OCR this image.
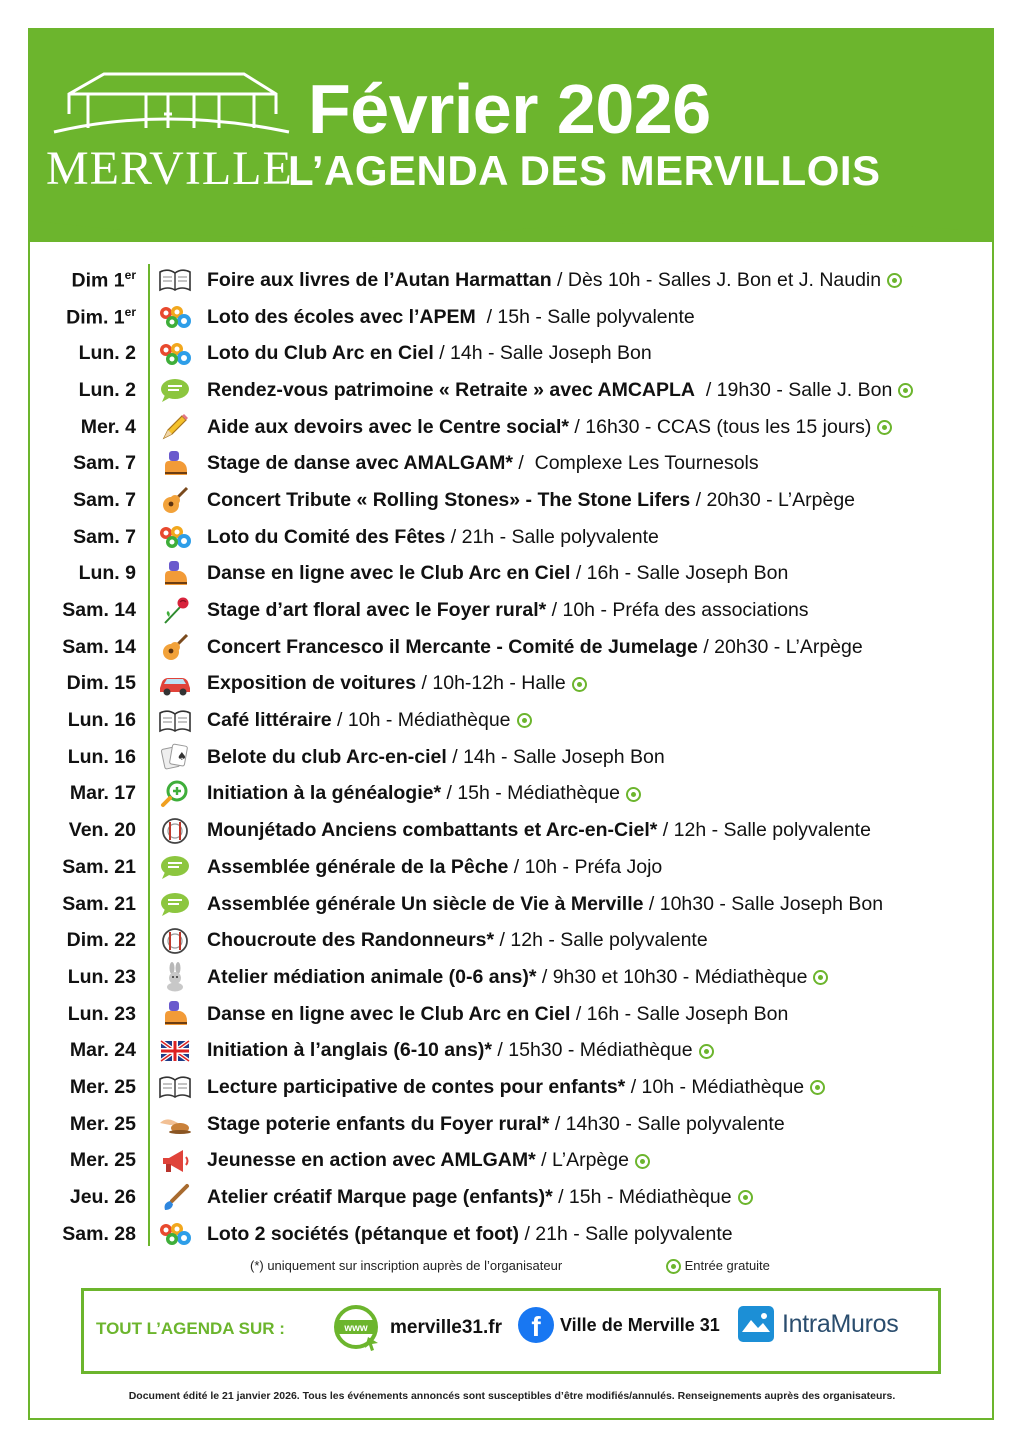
MERVILLE
Février 2026
L’AGENDA DES MERVILLOIS
Dim 1er	Foire aux livres de l’Autan Harmattan / Dès 10h - Salles J. Bon et J. Naudin
Dim. 1er	Loto des écoles avec l’APEM  / 15h - Salle polyvalente
Lun. 2	Loto du Club Arc en Ciel / 14h - Salle Joseph Bon
Lun. 2	Rendez-vous patrimoine « Retraite » avec AMCAPLA  / 19h30 - Salle J. Bon
Mer. 4	Aide aux devoirs avec le Centre social* / 16h30 - CCAS (tous les 15 jours)
Sam. 7	Stage de danse avec AMALGAM* /  Complexe Les Tournesols
Sam. 7	Concert Tribute « Rolling Stones» - The Stone Lifers / 20h30 - L’Arpège
Sam. 7	Loto du Comité des Fêtes / 21h - Salle polyvalente
Lun. 9	Danse en ligne avec le Club Arc en Ciel / 16h - Salle Joseph Bon
Sam. 14	Stage d’art floral avec le Foyer rural* / 10h - Préfa des associations
Sam. 14	Concert Francesco il Mercante - Comité de Jumelage / 20h30 - L’Arpège
Dim. 15	Exposition de voitures / 10h-12h - Halle
Lun. 16	Café littéraire / 10h - Médiathèque
Lun. 16	♠ Belote du club Arc-en-ciel / 14h - Salle Joseph Bon
Mar. 17	Initiation à la généalogie* / 15h - Médiathèque
Ven. 20	Mounjétado Anciens combattants et Arc-en-Ciel* / 12h - Salle polyvalente
Sam. 21	Assemblée générale de la Pêche / 10h - Préfa Jojo
Sam. 21	Assemblée générale Un siècle de Vie à Merville / 10h30 - Salle Joseph Bon
Dim. 22	Choucroute des Randonneurs* / 12h - Salle polyvalente
Lun. 23	Atelier médiation animale (0-6 ans)* / 9h30 et 10h30 - Médiathèque
Lun. 23	Danse en ligne avec le Club Arc en Ciel / 16h - Salle Joseph Bon
Mar. 24	Initiation à l’anglais (6-10 ans)* / 15h30 - Médiathèque
Mer. 25	Lecture participative de contes pour enfants* / 10h - Médiathèque
Mer. 25	Stage poterie enfants du Foyer rural* / 14h30 - Salle polyvalente
Mer. 25	Jeunesse en action avec AMLGAM* / L’Arpège
Jeu. 26	Atelier créatif Marque page (enfants)* / 15h - Médiathèque
Sam. 28	Loto 2 sociétés (pétanque et foot) / 21h - Salle polyvalente
(*) uniquement sur inscription auprès de l’organisateur	Entrée gratuite
TOUT L’AGENDA SUR :	www merville31.fr	f	Ville de Merville 31 IntraMuros
Document édité le 21 janvier 2026. Tous les événements annoncés sont susceptibles d’être modifiés/annulés. Renseignements auprès des organisateurs.
